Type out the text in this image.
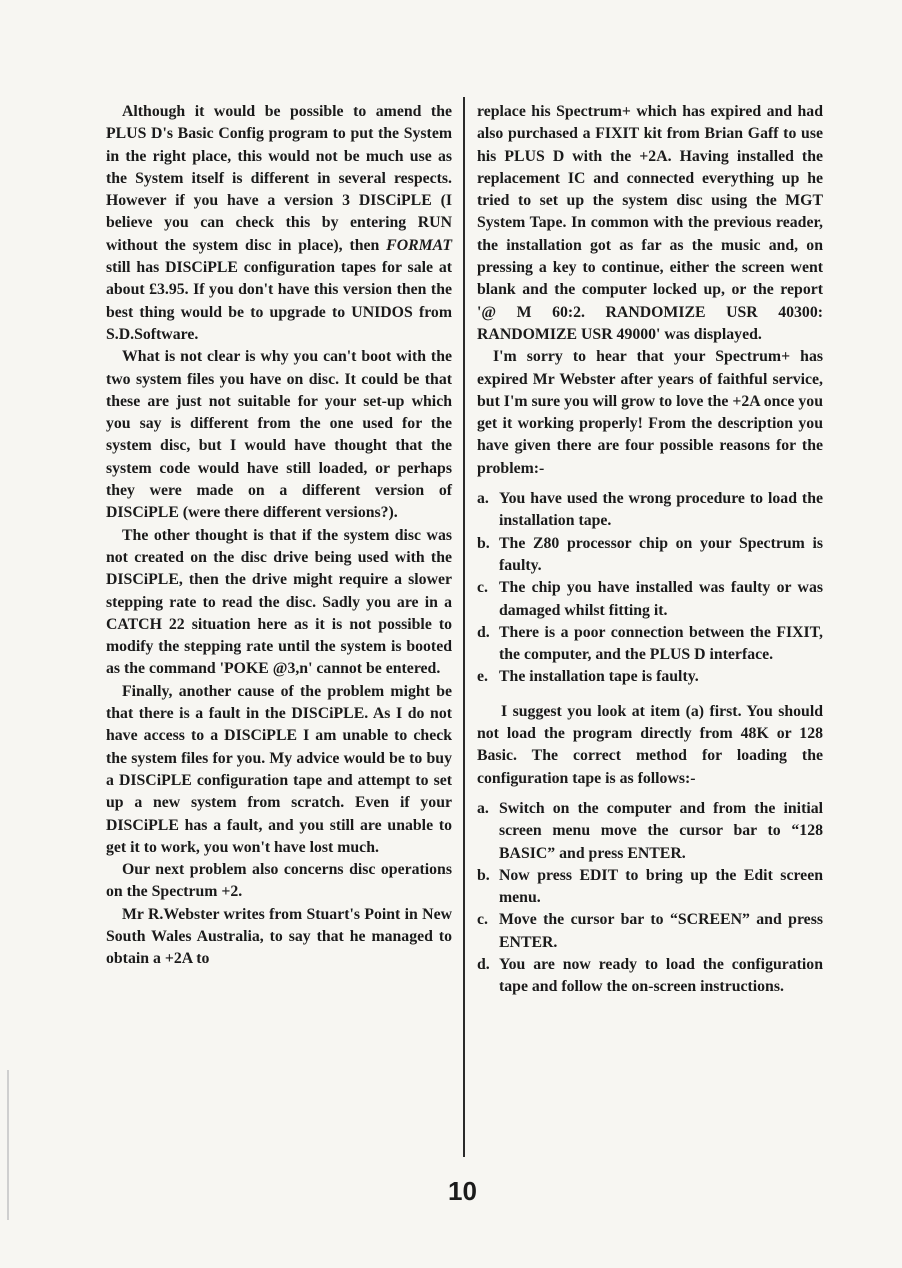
Although it would be possible to amend the PLUS D's Basic Config program to put the System in the right place, this would not be much use as the System itself is different in several respects. However if you have a version 3 DISCiPLE (I believe you can check this by entering RUN without the system disc in place), then FORMAT still has DISCiPLE configuration tapes for sale at about £3.95. If you don't have this version then the best thing would be to upgrade to UNIDOS from S.D.Software.

What is not clear is why you can't boot with the two system files you have on disc. It could be that these are just not suitable for your set-up which you say is different from the one used for the system disc, but I would have thought that the system code would have still loaded, or perhaps they were made on a different version of DISCiPLE (were there different versions?).

The other thought is that if the system disc was not created on the disc drive being used with the DISCiPLE, then the drive might require a slower stepping rate to read the disc. Sadly you are in a CATCH 22 situation here as it is not possible to modify the stepping rate until the system is booted as the command 'POKE @3,n' cannot be entered.

Finally, another cause of the problem might be that there is a fault in the DISCiPLE. As I do not have access to a DISCiPLE I am unable to check the system files for you. My advice would be to buy a DISCiPLE configuration tape and attempt to set up a new system from scratch. Even if your DISCiPLE has a fault, and you still are unable to get it to work, you won't have lost much.

Our next problem also concerns disc operations on the Spectrum +2.

Mr R.Webster writes from Stuart's Point in New South Wales Australia, to say that he managed to obtain a +2A to

replace his Spectrum+ which has expired and had also purchased a FIXIT kit from Brian Gaff to use his PLUS D with the +2A. Having installed the replacement IC and connected everything up he tried to set up the system disc using the MGT System Tape. In common with the previous reader, the installation got as far as the music and, on pressing a key to continue, either the screen went blank and the computer locked up, or the report '@ M 60:2. RANDOMIZE USR 40300: RANDOMIZE USR 49000' was displayed.

I'm sorry to hear that your Spectrum+ has expired Mr Webster after years of faithful service, but I'm sure you will grow to love the +2A once you get it working properly! From the description you have given there are four possible reasons for the problem:-

a. You have used the wrong procedure to load the installation tape.
b. The Z80 processor chip on your Spectrum is faulty.
c. The chip you have installed was faulty or was damaged whilst fitting it.
d. There is a poor connection between the FIXIT, the computer, and the PLUS D interface.
e. The installation tape is faulty.

I suggest you look at item (a) first. You should not load the program directly from 48K or 128 Basic. The correct method for loading the configuration tape is as follows:-

a. Switch on the computer and from the initial screen menu move the cursor bar to “128 BASIC” and press ENTER.
b. Now press EDIT to bring up the Edit screen menu.
c. Move the cursor bar to “SCREEN” and press ENTER.
d. You are now ready to load the configuration tape and follow the on-screen instructions.
10
